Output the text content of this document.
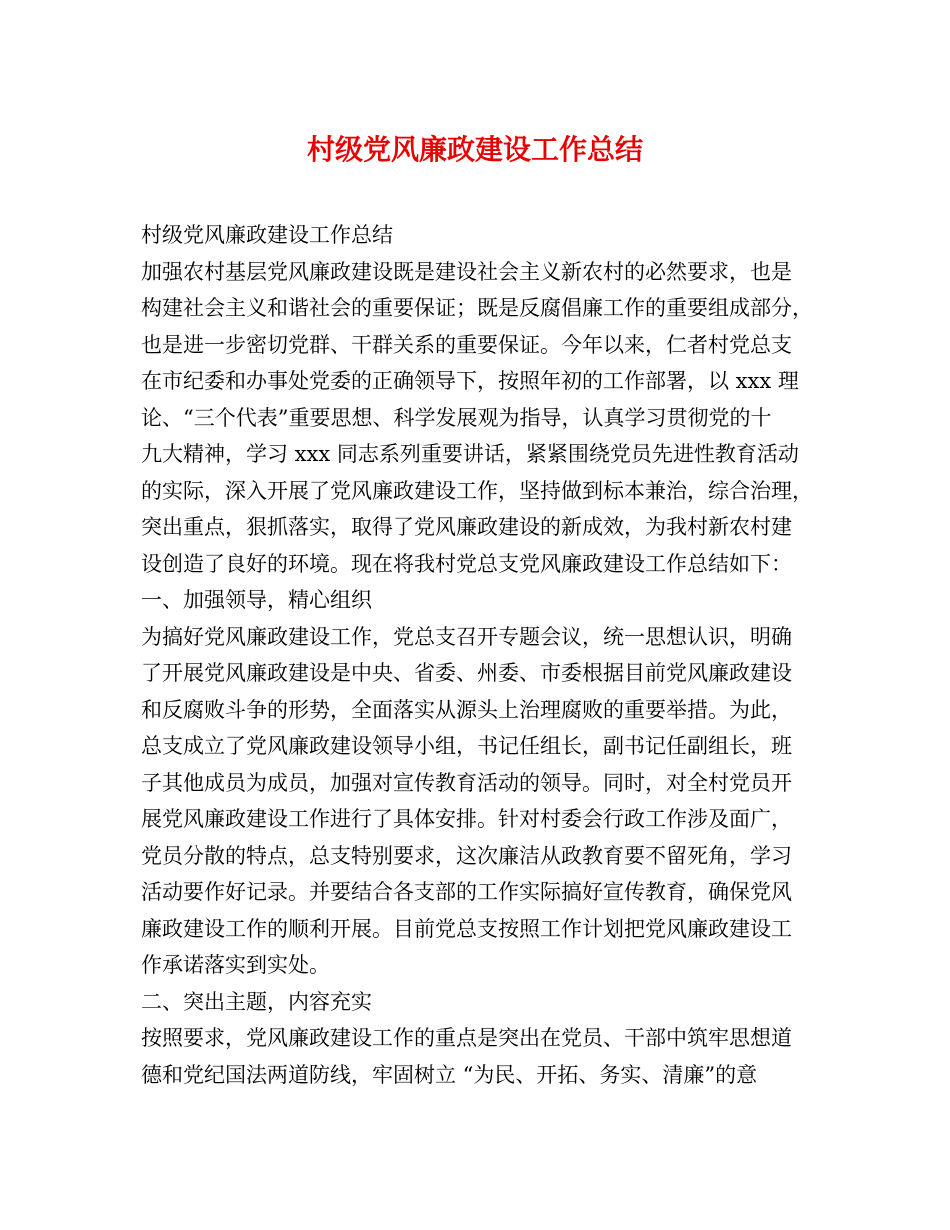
村级党风廉政建设工作总结
村级党风廉政建设工作总结
加强农村基层党风廉政建设既是建设社会主义新农村的必然要求，也是
构建社会主义和谐社会的重要保证；既是反腐倡廉工作的重要组成部分，
也是进一步密切党群、干群关系的重要保证。今年以来，仁者村党总支
在市纪委和办事处党委的正确领导下，按照年初的工作部署，以 xxx 理
论、“三个代表”重要思想、科学发展观为指导，认真学习贯彻党的十
九大精神，学习 xxx 同志系列重要讲话，紧紧围绕党员先进性教育活动
的实际，深入开展了党风廉政建设工作，坚持做到标本兼治，综合治理，
突出重点，狠抓落实，取得了党风廉政建设的新成效，为我村新农村建
设创造了良好的环境。现在将我村党总支党风廉政建设工作总结如下：
一、加强领导，精心组织
为搞好党风廉政建设工作，党总支召开专题会议，统一思想认识，明确
了开展党风廉政建设是中央、省委、州委、市委根据目前党风廉政建设
和反腐败斗争的形势，全面落实从源头上治理腐败的重要举措。为此，
总支成立了党风廉政建设领导小组，书记任组长，副书记任副组长，班
子其他成员为成员，加强对宣传教育活动的领导。同时，对全村党员开
展党风廉政建设工作进行了具体安排。针对村委会行政工作涉及面广，
党员分散的特点，总支特别要求，这次廉洁从政教育要不留死角，学习
活动要作好记录。并要结合各支部的工作实际搞好宣传教育，确保党风
廉政建设工作的顺利开展。目前党总支按照工作计划把党风廉政建设工
作承诺落实到实处。
二、突出主题，内容充实
按照要求，党风廉政建设工作的重点是突出在党员、干部中筑牢思想道
德和党纪国法两道防线，牢固树立 “为民、开拓、务实、清廉”的意
